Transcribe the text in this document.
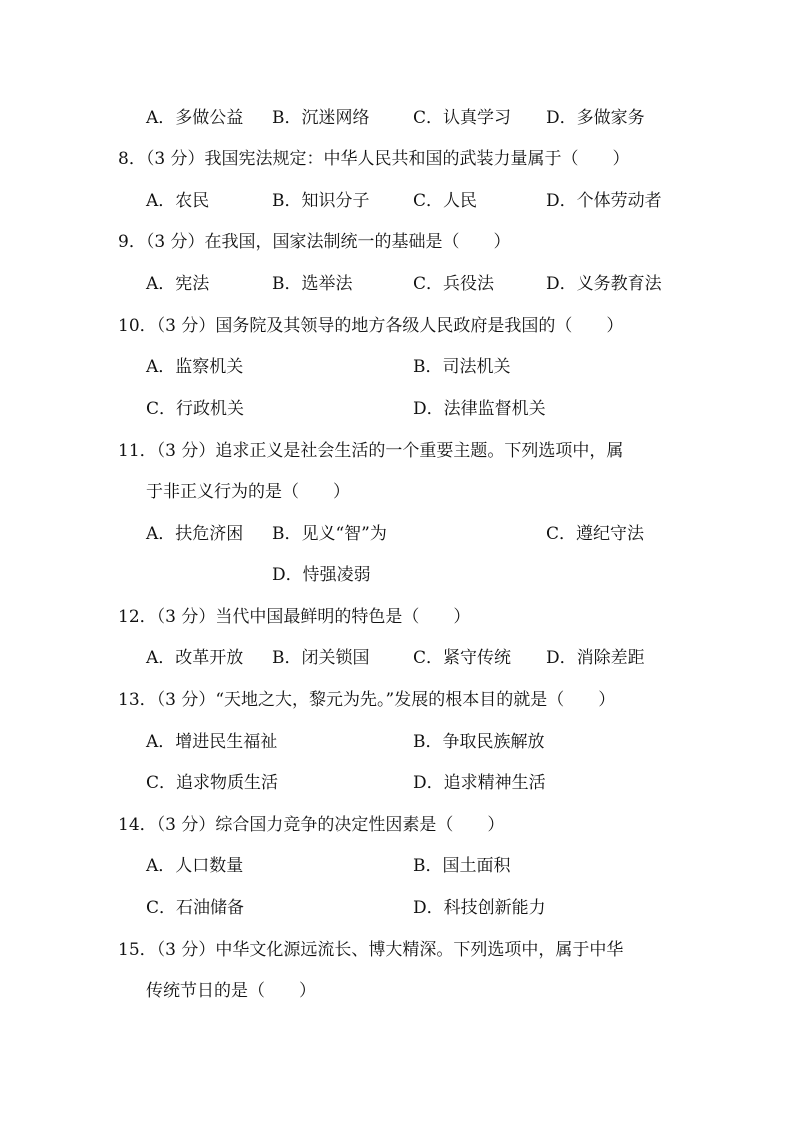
A．多做公益 B．沉迷网络	C．认真学习 D．多做家务
8．（3 分）我国宪法规定：中华人民共和国的武装力量属于（　　）
A．农民	B．知识分子	C．人民	D．个体劳动者
9．（3 分）在我国，国家法制统一的基础是（　　）
A．宪法	B．选举法	C．兵役法	D．义务教育法
10．（3 分）国务院及其领导的地方各级人民政府是我国的（　　）
A．监察机关	B．司法机关
C．行政机关	D．法律监督机关
11．（3 分）追求正义是社会生活的一个重要主题。下列选项中，属
于非正义行为的是（　　）
A．扶危济困 B．见义“智”为	C．遵纪守法
D．恃强凌弱
12．（3 分）当代中国最鲜明的特色是（　　）
A．改革开放 B．闭关锁国	C．紧守传统 D．消除差距
13．（3 分）“天地之大，黎元为先。”发展的根本目的就是（　　）
A．增进民生福祉	B．争取民族解放
C．追求物质生活	D．追求精神生活
14．（3 分）综合国力竞争的决定性因素是（　　）
A．人口数量	B．国土面积
C．石油储备	D．科技创新能力
15．（3 分）中华文化源远流长、博大精深。下列选项中，属于中华
传统节日的是（　　）
